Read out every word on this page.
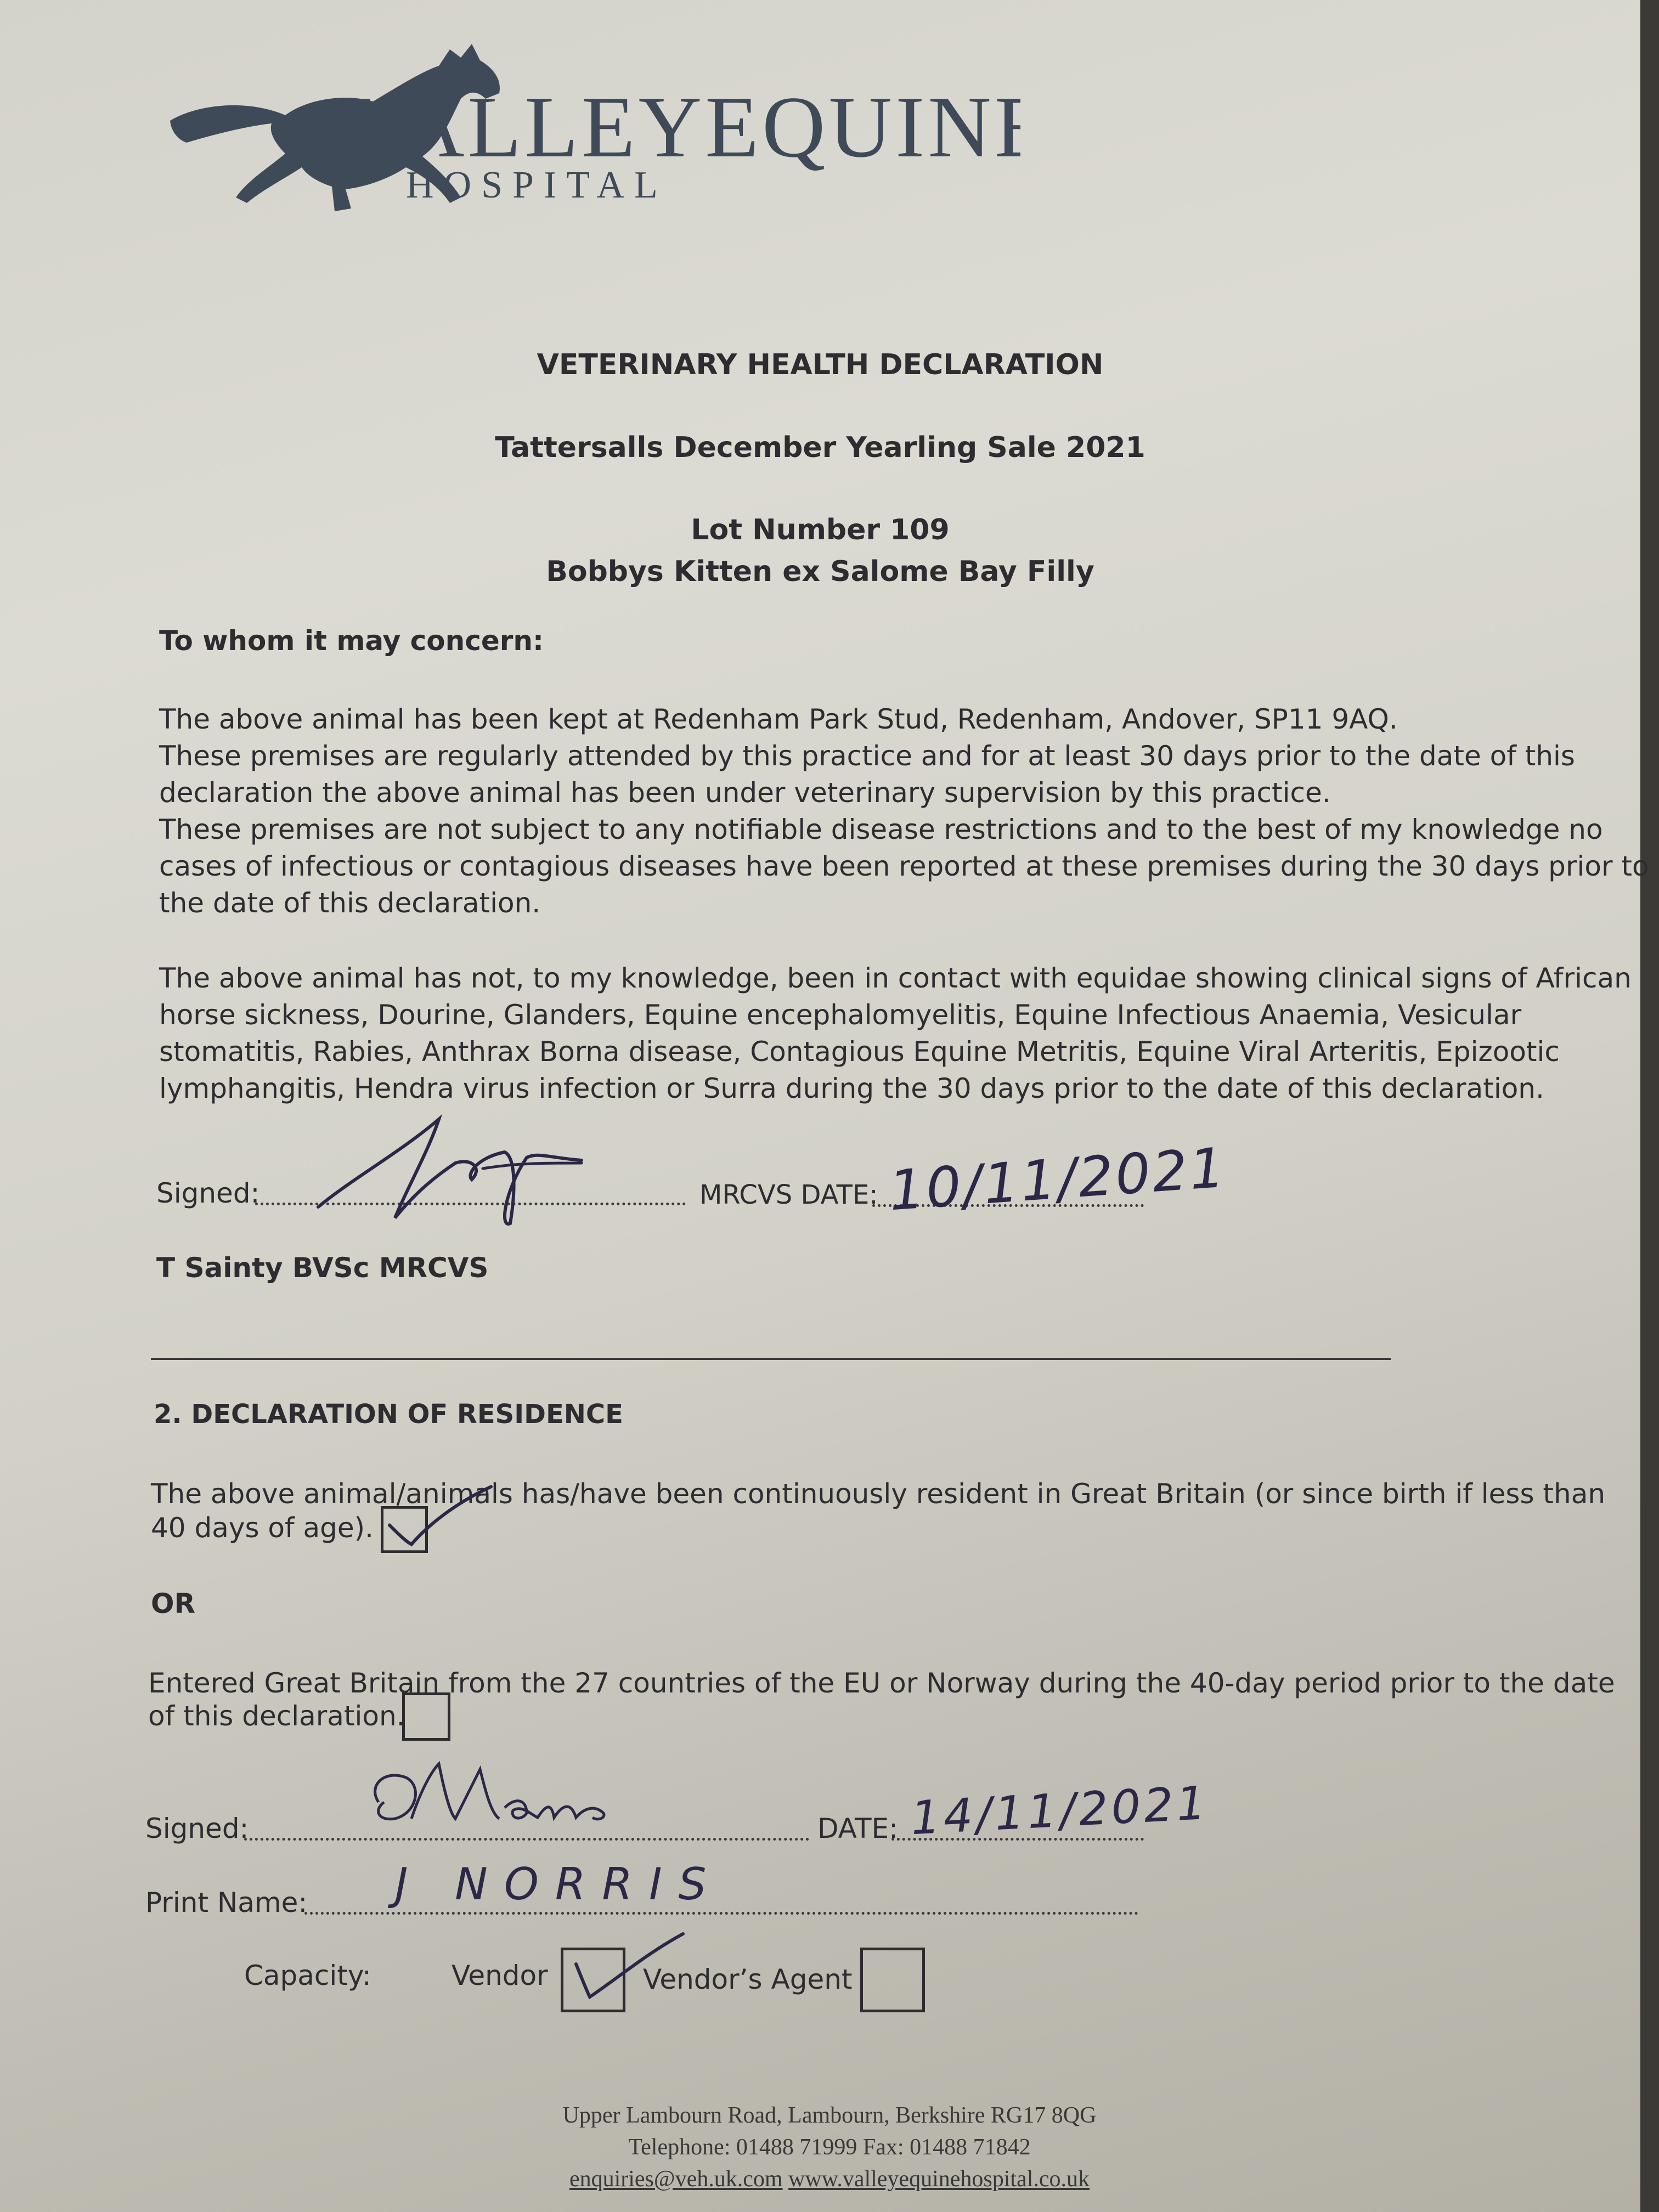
VALLEYEQUINE
HOSPITAL
VETERINARY HEALTH DECLARATION
Tattersalls December Yearling Sale 2021
Lot Number 109
Bobbys Kitten ex Salome Bay Filly
To whom it may concern:
The above animal has been kept at Redenham Park Stud, Redenham, Andover, SP11 9AQ.
These premises are regularly attended by this practice and for at least 30 days prior to the date of this
declaration the above animal has been under veterinary supervision by this practice.
These premises are not subject to any notifiable disease restrictions and to the best of my knowledge no
cases of infectious or contagious diseases have been reported at these premises during the 30 days prior to
the date of this declaration.
The above animal has not, to my knowledge, been in contact with equidae showing clinical signs of African
horse sickness, Dourine, Glanders, Equine encephalomyelitis, Equine Infectious Anaemia, Vesicular
stomatitis, Rabies, Anthrax Borna disease, Contagious Equine Metritis, Equine Viral Arteritis, Epizootic
lymphangitis, Hendra virus infection or Surra during the 30 days prior to the date of this declaration.
Signed:	MRCVS DATE: 10/11/2021
T Sainty BVSc MRCVS
2. DECLARATION OF RESIDENCE
The above animal/animals has/have been continuously resident in Great Britain (or since birth if less than
40 days of age).
OR
Entered Great Britain from the 27 countries of the EU or Norway during the 40-day period prior to the date
of this declaration.
Signed:	DATE: 14/11/2021
Print Name: J NORRIS
Capacity:	Vendor	Vendor’s Agent
Upper Lambourn Road, Lambourn, Berkshire RG17 8QG
Telephone: 01488 71999 Fax: 01488 71842
enquiries@veh.uk.com www.valleyequinehospital.co.uk
